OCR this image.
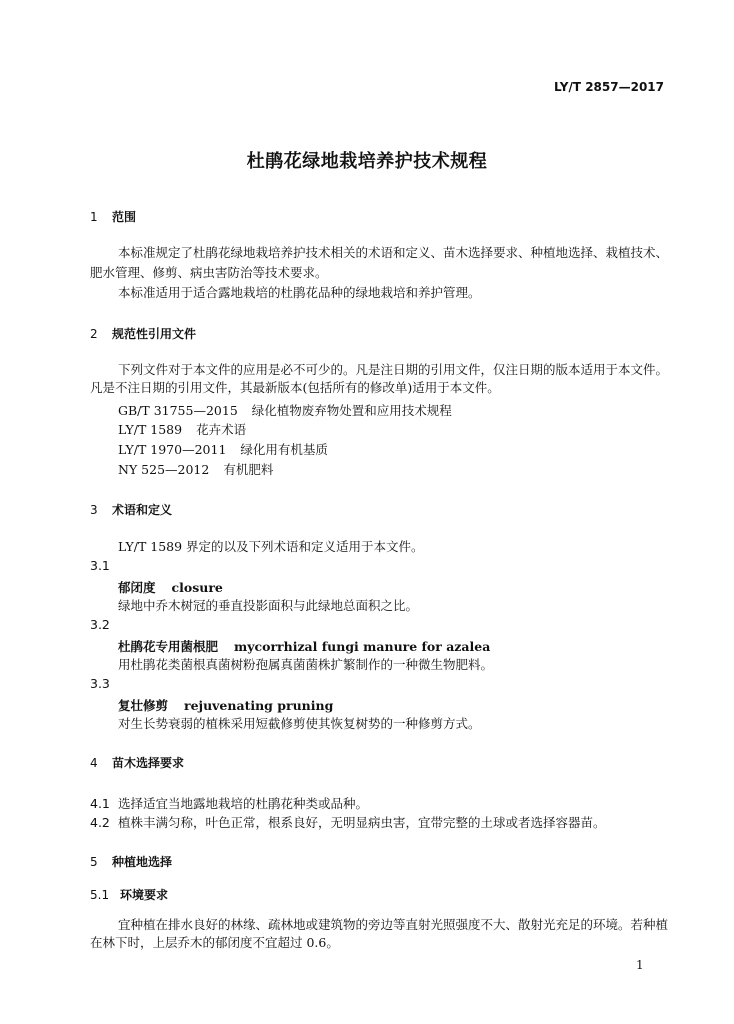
LY/T 2857—2017
杜鹃花绿地栽培养护技术规程
1 范围
本标准规定了杜鹃花绿地栽培养护技术相关的术语和定义、苗木选择要求、种植地选择、栽植技术、
肥水管理、修剪、病虫害防治等技术要求。
本标准适用于适合露地栽培的杜鹃花品种的绿地栽培和养护管理。
2 规范性引用文件
下列文件对于本文件的应用是必不可少的。凡是注日期的引用文件，仅注日期的版本适用于本文件。凡是不注日期的引用文件，其最新版本(包括所有的修改单)适用于本文件。
GB/T 31755—2015 绿化植物废弃物处置和应用技术规程
LY/T 1589 花卉术语
LY/T 1970—2011 绿化用有机基质
NY 525—2012 有机肥料
3 术语和定义
LY/T 1589 界定的以及下列术语和定义适用于本文件。
3.1
郁闭度 closure
绿地中乔木树冠的垂直投影面积与此绿地总面积之比。
3.2
杜鹃花专用菌根肥 mycorrhizal fungi manure for azalea
用杜鹃花类菌根真菌树粉孢属真菌菌株扩繁制作的一种微生物肥料。
3.3
复壮修剪 rejuvenating pruning
对生长势衰弱的植株采用短截修剪使其恢复树势的一种修剪方式。
4 苗木选择要求
4.1 选择适宜当地露地栽培的杜鹃花种类或品种。
4.2 植株丰满匀称，叶色正常，根系良好，无明显病虫害，宜带完整的土球或者选择容器苗。
5 种植地选择
5.1 环境要求
宜种植在排水良好的林缘、疏林地或建筑物的旁边等直射光照强度不大、散射光充足的环境。若种植在林下时，上层乔木的郁闭度不宜超过 0.6。
1
